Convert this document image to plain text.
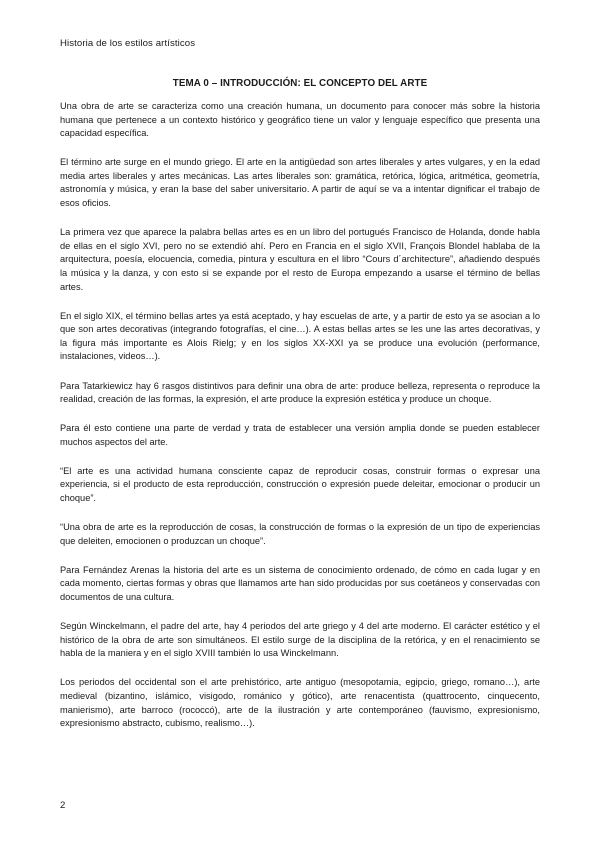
Historia de los estilos artísticos
TEMA 0 – INTRODUCCIÓN: EL CONCEPTO DEL ARTE

Una obra de arte se caracteriza como una creación humana, un documento para conocer más sobre la historia humana que pertenece a un contexto histórico y geográfico tiene un valor y lenguaje específico que presenta una capacidad específica.

El término arte surge en el mundo griego. El arte en la antigüedad son artes liberales y artes vulgares, y en la edad media artes liberales y artes mecánicas. Las artes liberales son: gramática, retórica, lógica, aritmética, geometría, astronomía y música, y eran la base del saber universitario. A partir de aquí se va a intentar dignificar el trabajo de esos oficios.

La primera vez que aparece la palabra bellas artes es en un libro del portugués Francisco de Holanda, donde habla de ellas en el siglo XVI, pero no se extendió ahí. Pero en Francia en el siglo XVII, François Blondel hablaba de la arquitectura, poesía, elocuencia, comedia, pintura y escultura en el libro “Cours d´architecture”, añadiendo después la música y la danza, y con esto si se expande por el resto de Europa empezando a usarse el término de bellas artes.

En el siglo XIX, el término bellas artes ya está aceptado, y hay escuelas de arte, y a partir de esto ya se asocian a lo que son artes decorativas (integrando fotografías, el cine…). A estas bellas artes se les une las artes decorativas, y la figura más importante es Alois Rielg; y en los siglos XX-XXI ya se produce una evolución (performance, instalaciones, videos…).

Para Tatarkiewicz hay 6 rasgos distintivos para definir una obra de arte: produce belleza, representa o reproduce la realidad, creación de las formas, la expresión, el arte produce la expresión estética y produce un choque.

Para él esto contiene una parte de verdad y trata de establecer una versión amplia donde se pueden establecer muchos aspectos del arte.

“El arte es una actividad humana consciente capaz de reproducir cosas, construir formas o expresar una experiencia, si el producto de esta reproducción, construcción o expresión puede deleitar, emocionar o producir un choque”.

“Una obra de arte es la reproducción de cosas, la construcción de formas o la expresión de un tipo de experiencias que deleiten, emocionen o produzcan un choque”.

Para Fernández Arenas la historia del arte es un sistema de conocimiento ordenado, de cómo en cada lugar y en cada momento, ciertas formas y obras que llamamos arte han sido producidas por sus coetáneos y conservadas con documentos de una cultura.

Según Winckelmann, el padre del arte, hay 4 periodos del arte griego y 4 del arte moderno. El carácter estético y el histórico de la obra de arte son simultáneos. El estilo surge de la disciplina de la retórica, y en el renacimiento se habla de la maniera y en el siglo XVIII también lo usa Winckelmann.

Los periodos del occidental son el arte prehistórico, arte antiguo (mesopotamia, egipcio, griego, romano…), arte medieval (bizantino, islámico, visigodo, románico y gótico), arte renacentista (quattrocento, cinquecento, manierismo), arte barroco (rococcó), arte de la ilustración y arte contemporáneo (fauvismo, expresionismo, expresionismo abstracto, cubismo, realismo…).

2
